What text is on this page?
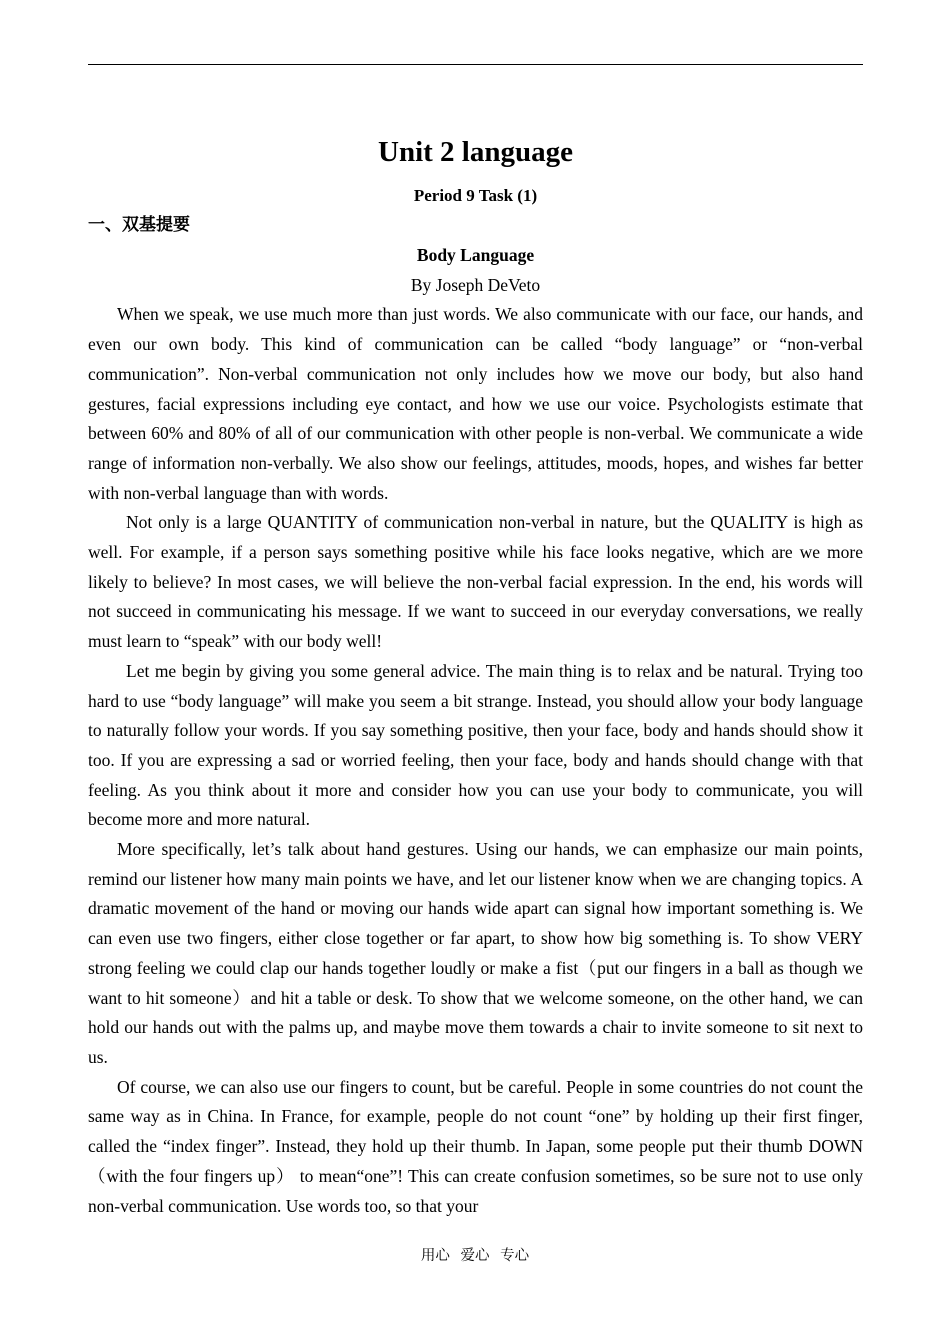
Unit 2 language
Period 9 Task (1)
一、双基提要

Body Language

By Joseph DeVeto

When we speak, we use much more than just words. We also communicate with our face, our hands, and even our own body. This kind of communication can be called “body language” or “non-verbal communication”. Non-verbal communication not only includes how we move our body, but also hand gestures, facial expressions including eye contact, and how we use our voice. Psychologists estimate that between 60% and 80% of all of our communication with other people is non-verbal. We communicate a wide range of information non-verbally. We also show our feelings, attitudes, moods, hopes, and wishes far better with non-verbal language than with words.

Not only is a large QUANTITY of communication non-verbal in nature, but the QUALITY is high as well. For example, if a person says something positive while his face looks negative, which are we more likely to believe? In most cases, we will believe the non-verbal facial expression. In the end, his words will not succeed in communicating his message. If we want to succeed in our everyday conversations, we really must learn to “speak” with our body well!

Let me begin by giving you some general advice. The main thing is to relax and be natural. Trying too hard to use “body language” will make you seem a bit strange. Instead, you should allow your body language to naturally follow your words. If you say something positive, then your face, body and hands should show it too. If you are expressing a sad or worried feeling, then your face, body and hands should change with that feeling. As you think about it more and consider how you can use your body to communicate, you will become more and more natural.

More specifically, let’s talk about hand gestures. Using our hands, we can emphasize our main points, remind our listener how many main points we have, and let our listener know when we are changing topics. A dramatic movement of the hand or moving our hands wide apart can signal how important something is. We can even use two fingers, either close together or far apart, to show how big something is. To show VERY strong feeling we could clap our hands together loudly or make a fist（put our fingers in a ball as though we want to hit someone）and hit a table or desk. To show that we welcome someone, on the other hand, we can hold our hands out with the palms up, and maybe move them towards a chair to invite someone to sit next to us.

Of course, we can also use our fingers to count, but be careful. People in some countries do not count the same way as in China. In France, for example, people do not count “one” by holding up their first finger, called the “index finger”. Instead, they hold up their thumb. In Japan, some people put their thumb DOWN （with the four fingers up） to mean“one”! This can create confusion sometimes, so be sure not to use only non-verbal communication. Use words too, so that your

用心 爱心 专心
